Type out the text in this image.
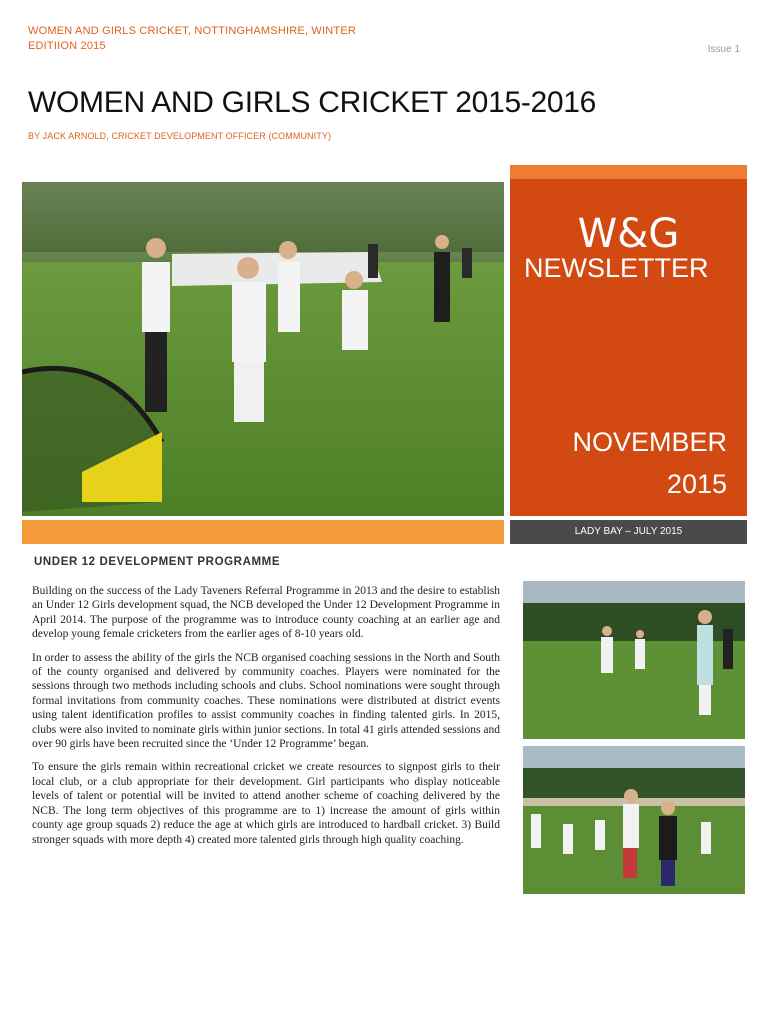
WOMEN AND GIRLS CRICKET, NOTTINGHAMSHIRE, WINTER
EDITIION 2015	Issue 1
WOMEN AND GIRLS CRICKET 2015-2016
BY JACK ARNOLD, CRICKET DEVELOPMENT OFFICER (COMMUNITY)
W&G
NEWSLETTER
NOVEMBER
2015
LADY BAY – JULY 2015
UNDER 12 DEVELOPMENT PROGRAMME

Building on the success of the Lady Taveners Referral Programme in 2013 and the desire to establish an Under 12 Girls development squad, the NCB developed the Under 12 Development Programme in April 2014. The purpose of the programme was to introduce county coaching at an earlier age and develop young female cricketers from the earlier ages of 8-10 years old.

In order to assess the ability of the girls the NCB organised coaching sessions in the North and South of the county organised and delivered by community coaches. Players were nominated for the sessions through two methods including schools and clubs. School nominations were sought through formal invitations from community coaches. These nominations were distributed at district events using talent identification profiles to assist community coaches in finding talented girls. In 2015, clubs were also invited to nominate girls within junior sections. In total 41 girls attended sessions and over 90 girls have been recruited since the ‘Under 12 Programme’ began.

To ensure the girls remain within recreational cricket we create resources to signpost girls to their local club, or a club appropriate for their development. Girl participants who display noticeable levels of talent or potential will be invited to attend another scheme of coaching delivered by the NCB. The long term objectives of this programme are to 1) increase the amount of girls within county age group squads 2) reduce the age at which girls are introduced to hardball cricket. 3) Build stronger squads with more depth 4) created more talented girls through high quality coaching.
